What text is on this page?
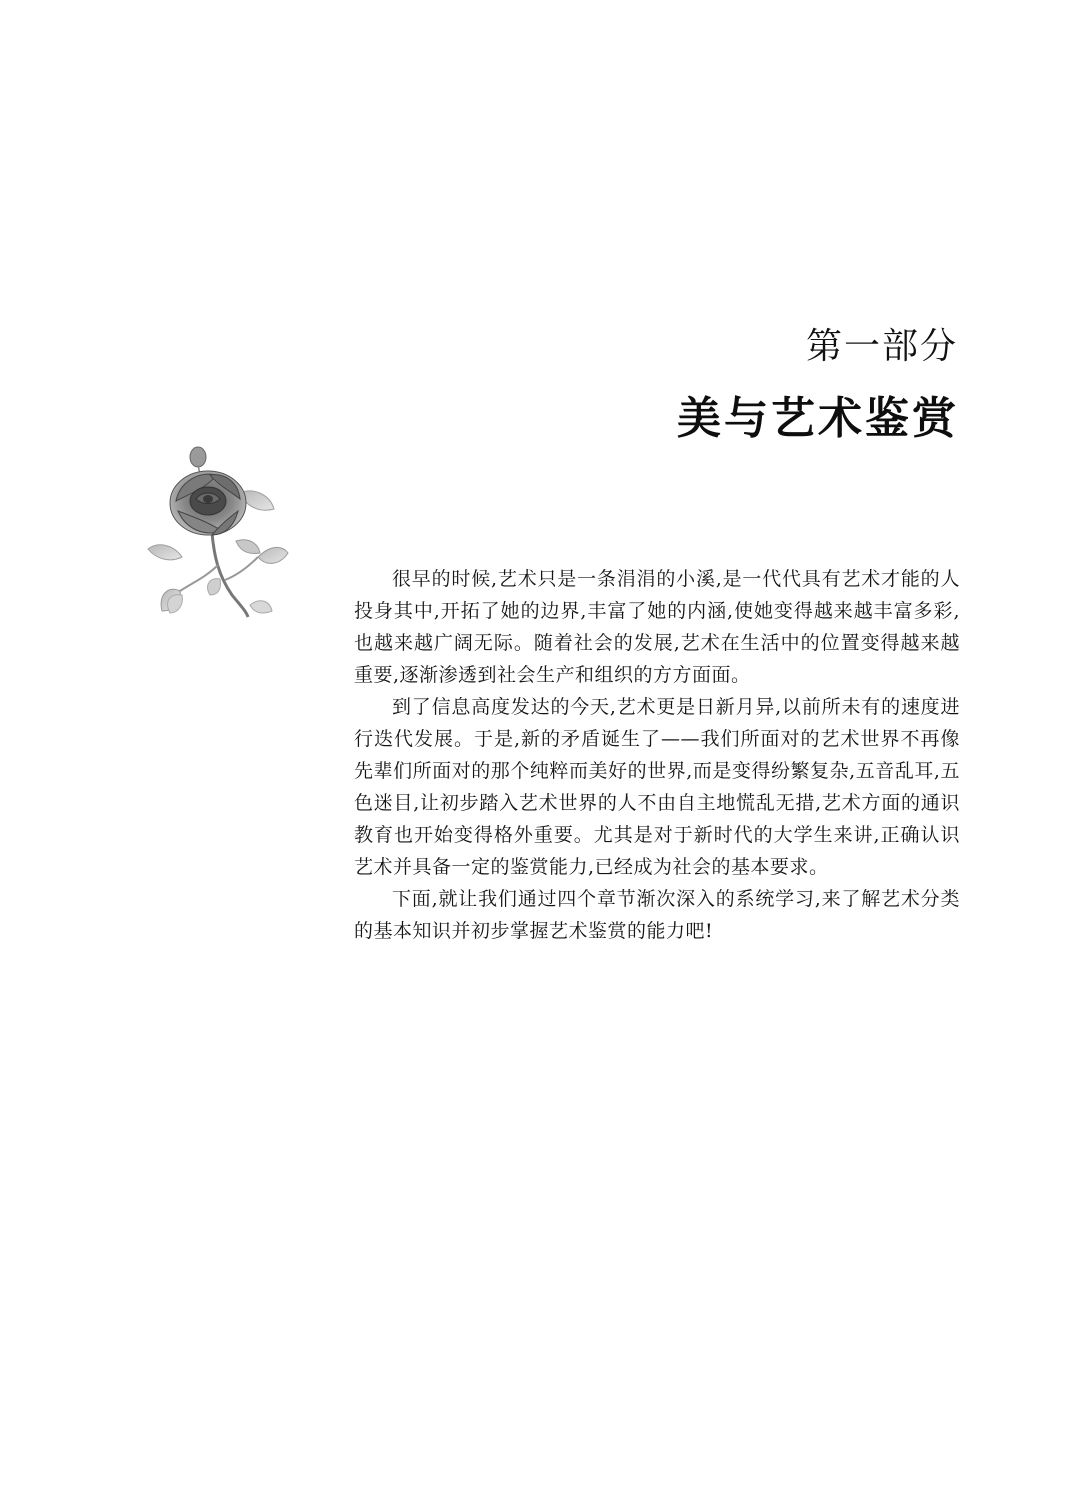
第一部分
美与艺术鉴赏

很早的时候,艺术只是一条涓涓的小溪,是一代代具有艺术才能的人投身其中,开拓了她的边界,丰富了她的内涵,使她变得越来越丰富多彩,也越来越广阔无际。随着社会的发展,艺术在生活中的位置变得越来越重要,逐渐渗透到社会生产和组织的方方面面。

到了信息高度发达的今天,艺术更是日新月异,以前所未有的速度进行迭代发展。于是,新的矛盾诞生了——我们所面对的艺术世界不再像先辈们所面对的那个纯粹而美好的世界,而是变得纷繁复杂,五音乱耳,五色迷目,让初步踏入艺术世界的人不由自主地慌乱无措,艺术方面的通识教育也开始变得格外重要。尤其是对于新时代的大学生来讲,正确认识艺术并具备一定的鉴赏能力,已经成为社会的基本要求。

下面,就让我们通过四个章节渐次深入的系统学习,来了解艺术分类的基本知识并初步掌握艺术鉴赏的能力吧!
